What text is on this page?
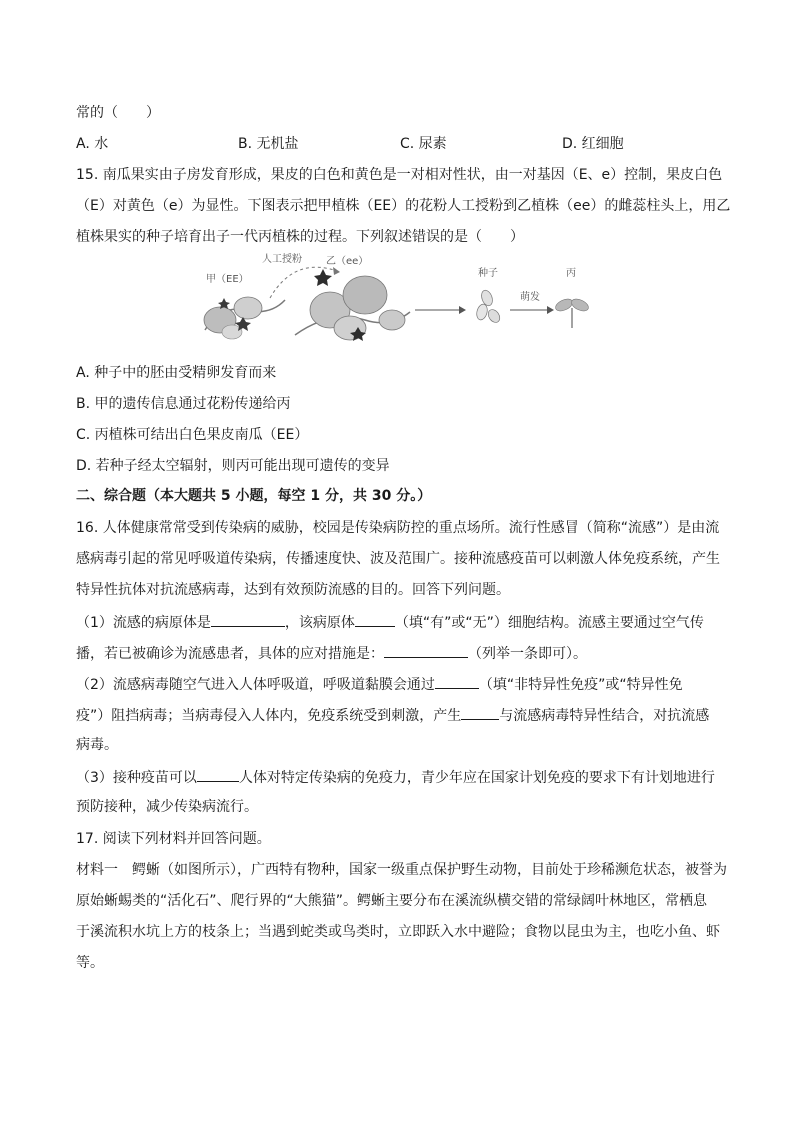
常的（　　）
A. 水	B. 无机盐	C. 尿素	D. 红细胞
15. 南瓜果实由子房发育形成，果皮的白色和黄色是一对相对性状，由一对基因（E、e）控制，果皮白色
（E）对黄色（e）为显性。下图表示把甲植株（EE）的花粉人工授粉到乙植株（ee）的雌蕊柱头上，用乙
植株果实的种子培育出子一代丙植株的过程。下列叙述错误的是（　　）
甲（EE）
人工授粉 乙（ee）
种子
萌发
丙
A. 种子中的胚由受精卵发育而来
B. 甲的遗传信息通过花粉传递给丙
C. 丙植株可结出白色果皮南瓜（EE）
D. 若种子经太空辐射，则丙可能出现可遗传的变异
二、综合题（本大题共 5 小题，每空 1 分，共 30 分。）
16. 人体健康常常受到传染病的威胁，校园是传染病防控的重点场所。流行性感冒（简称“流感”）是由流
感病毒引起的常见呼吸道传染病，传播速度快、波及范围广。接种流感疫苗可以刺激人体免疫系统，产生
特异性抗体对抗流感病毒，达到有效预防流感的目的。回答下列问题。
（1）流感的病原体是	，该病原体	（填“有”或“无”）细胞结构。流感主要通过空气传
播，若已被确诊为流感患者，具体的应对措施是：	（列举一条即可）。
（2）流感病毒随空气进入人体呼吸道，呼吸道黏膜会通过	（填“非特异性免疫”或“特异性免
疫”）阻挡病毒；当病毒侵入人体内，免疫系统受到刺激，产生	与流感病毒特异性结合，对抗流感
病毒。
（3）接种疫苗可以	人体对特定传染病的免疫力，青少年应在国家计划免疫的要求下有计划地进行
预防接种，减少传染病流行。
17. 阅读下列材料并回答问题。
材料一　鳄蜥（如图所示），广西特有物种，国家一级重点保护野生动物，目前处于珍稀濒危状态，被誉为
原始蜥蜴类的“活化石”、爬行界的“大熊猫”。鳄蜥主要分布在溪流纵横交错的常绿阔叶林地区，常栖息
于溪流积水坑上方的枝条上；当遇到蛇类或鸟类时，立即跃入水中避险；食物以昆虫为主，也吃小鱼、虾
等。
